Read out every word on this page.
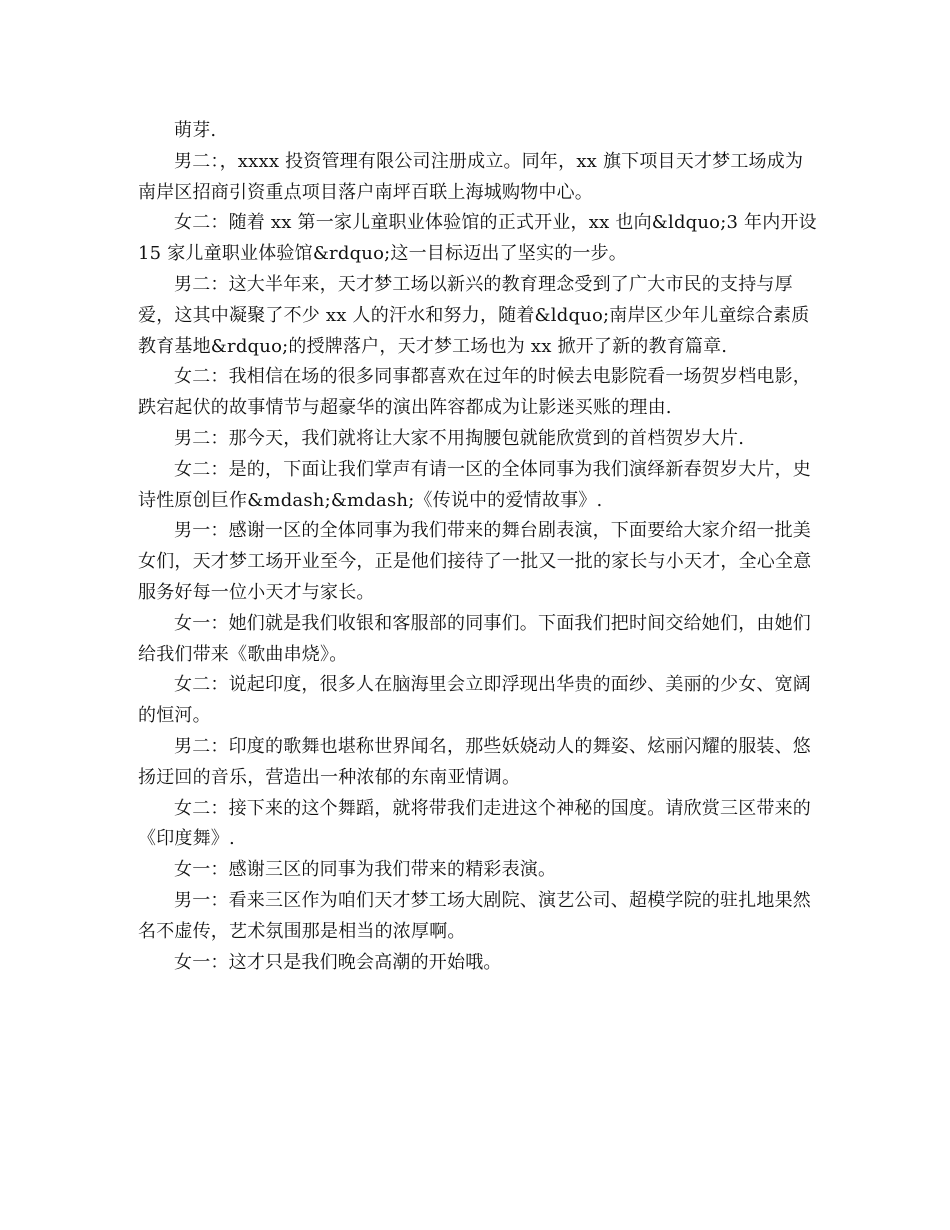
萌芽.

男二：，xxxx 投资管理有限公司注册成立。同年，xx 旗下项目天才梦工场成为南岸区招商引资重点项目落户南坪百联上海城购物中心。

女二：随着 xx 第一家儿童职业体验馆的正式开业，xx 也向&ldquo;3 年内开设 15 家儿童职业体验馆&rdquo;这一目标迈出了坚实的一步。

男二：这大半年来，天才梦工场以新兴的教育理念受到了广大市民的支持与厚爱，这其中凝聚了不少 xx 人的汗水和努力，随着&ldquo;南岸区少年儿童综合素质教育基地&rdquo;的授牌落户，天才梦工场也为 xx 掀开了新的教育篇章.

女二：我相信在场的很多同事都喜欢在过年的时候去电影院看一场贺岁档电影，跌宕起伏的故事情节与超豪华的演出阵容都成为让影迷买账的理由.

男二：那今天，我们就将让大家不用掏腰包就能欣赏到的首档贺岁大片.

女二：是的，下面让我们掌声有请一区的全体同事为我们演绎新春贺岁大片，史诗性原创巨作&mdash;&mdash;《传说中的爱情故事》.

男一：感谢一区的全体同事为我们带来的舞台剧表演，下面要给大家介绍一批美女们，天才梦工场开业至今，正是他们接待了一批又一批的家长与小天才，全心全意服务好每一位小天才与家长。

女一：她们就是我们收银和客服部的同事们。下面我们把时间交给她们，由她们给我们带来《歌曲串烧》。

女二：说起印度，很多人在脑海里会立即浮现出华贵的面纱、美丽的少女、宽阔的恒河。

男二：印度的歌舞也堪称世界闻名，那些妖娆动人的舞姿、炫丽闪耀的服装、悠扬迂回的音乐，营造出一种浓郁的东南亚情调。

女二：接下来的这个舞蹈，就将带我们走进这个神秘的国度。请欣赏三区带来的《印度舞》.

女一：感谢三区的同事为我们带来的精彩表演。

男一：看来三区作为咱们天才梦工场大剧院、演艺公司、超模学院的驻扎地果然名不虚传，艺术氛围那是相当的浓厚啊。

女一：这才只是我们晚会高潮的开始哦。
